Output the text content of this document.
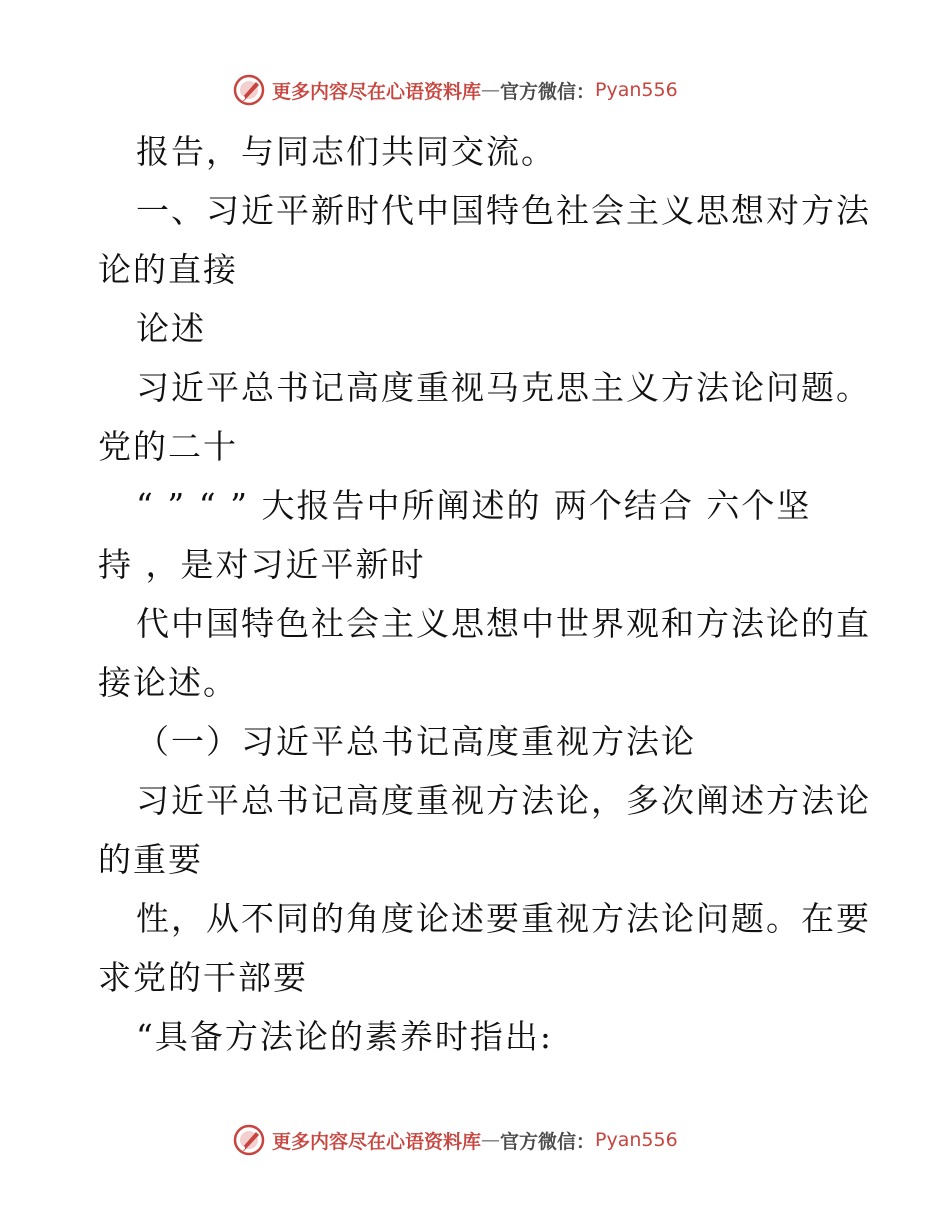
更多内容尽在心语资料库 — 官方微信： Pyan556
报告，与同志们共同交流。
一、习近平新时代中国特色社会主义思想对方法
论的直接
论述
习近平总书记高度重视马克思主义方法论问题。
党的二十
“ ” “ ” 大报告中所阐述的 两个结合 六个坚
持 ，是对习近平新时
代中国特色社会主义思想中世界观和方法论的直
接论述。
（一）习近平总书记高度重视方法论
习近平总书记高度重视方法论，多次阐述方法论
的重要
性，从不同的角度论述要重视方法论问题。在要
求党的干部要
“具备方法论的素养时指出:
更多内容尽在心语资料库 — 官方微信： Pyan556
